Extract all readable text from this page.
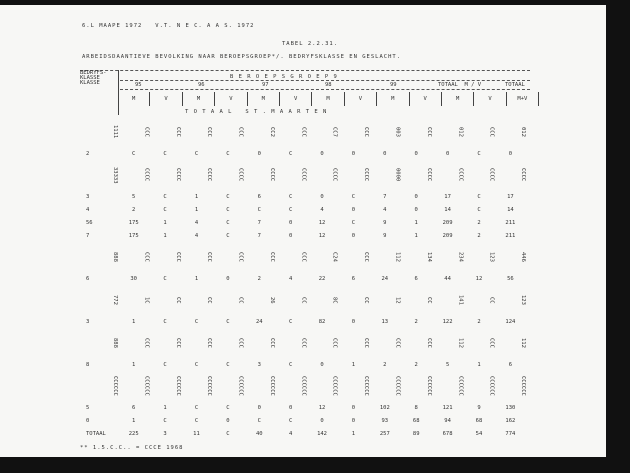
6.L MAAPE 1972   V.T. N E C. A A S. 1972
TABEL 2.2.31.
ARBEIDSDAANTIEVE BEVOLKING NAAR BEROEPSGROEP*/. BEDRYFSKLASSE EN GESLACHT.
BEDRYFS-
KLASSE
KLASSE
B E R O E P S G R O E P 9
95	96	97	98	99	TOTAAL  M / V	TOTAAL
M	V	M	V	M	V	M	V	M	V	M	V	M+V
T O T A A L   S T . M A A R T E N
1111	CCC	CCC	CCC	CCC	CC2	CCC	CC7	CCC	003	CCC	012	CCC	012
2	C	C	C	C	0	C	0	0	0	0	0	C	0
33333	CCCC	CCCC	CCCC	CCCC	CCCC	CCCC	CCCC	CCCC	0000	CCCC	CCCC	CCCC	CCCC
3	5	C	1	C	6	C	0	C	7	0	17	C	17
4	2	C	1	C	C	C	4	0	4	0	14	C	14
56	175	1	4	C	7	0	12	C	9	1	209	2	211
7	175	1	4	C	7	0	12	0	9	1	209	2	211
888	CCC	CCC	CCC	CCC	CCC	CCC	C24	CCC	112	134	234	123	446
6	30	C	1	0	2	4	22	6	24	6	44	12	56
772	1C	CC	CC	CC	26	CC	8C	CC	12	CC	141	CC	123
3	1	C	C	C	24	C	82	0	13	2	122	2	124
888	CCC	CCC	CCC	CCC	CCC	CCC	CCC	CCC	CCC	CCC	112	CCC	112
8	1	C	C	C	3	C	0	1	2	2	5	1	6
CCCCCC	CCCCCC	CCCCCC	CCCCCC	CCCCCC	CCCCCC	CCCCCC	CCCCCC	CCCCCC	CCCCCC	CCCCCC	CCCCCC	CCCCCC	CCCCCC
5	6	1	C	C	0	0	12	0	102	8	121	9	130
0	1	C	C	0	C	C	0	0	93	68	94	68	162
TOTAAL	225	3	11	C	40	4	142	1	257	89	678	54	774
** 1.5.C.C.. = CCCE 1968
